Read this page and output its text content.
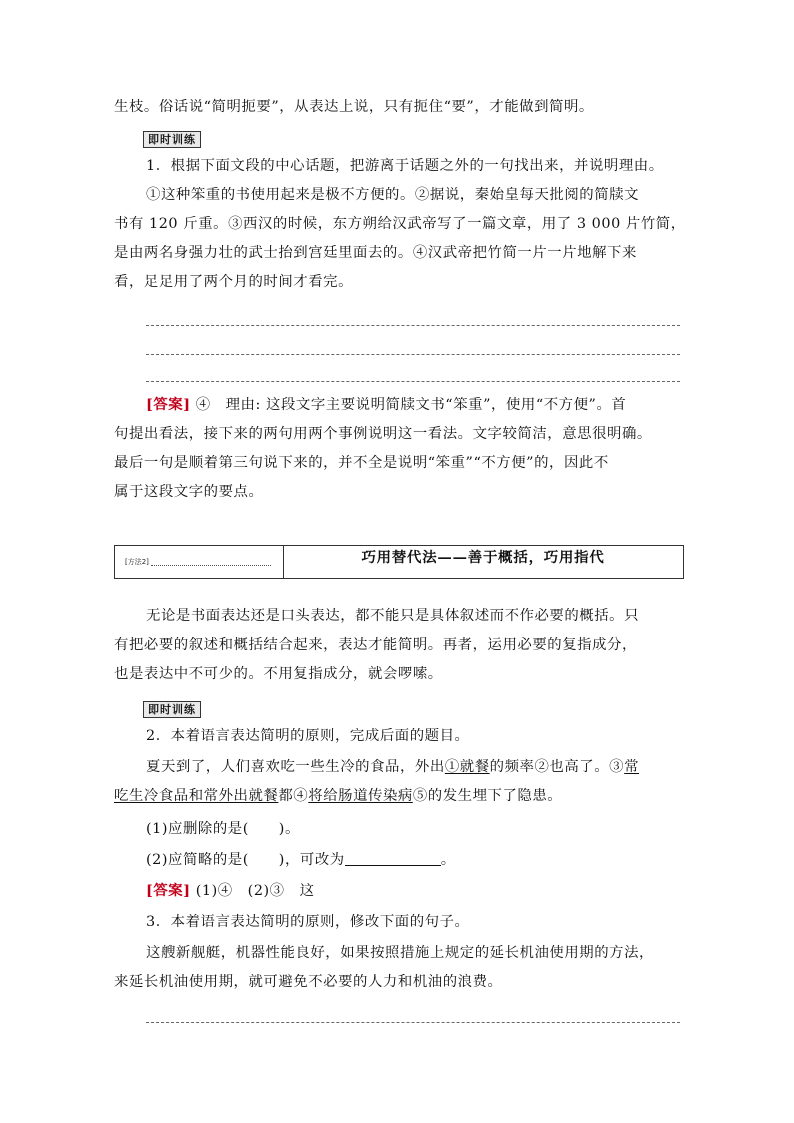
生枝。俗话说“简明扼要”，从表达上说，只有扼住“要”，才能做到简明。
即时训练
1．根据下面文段的中心话题，把游离于话题之外的一句找出来，并说明理由。
①这种笨重的书使用起来是极不方便的。②据说，秦始皇每天批阅的简牍文
书有 120 斤重。③西汉的时候，东方朔给汉武帝写了一篇文章，用了 3 000 片竹简，
是由两名身强力壮的武士抬到宫廷里面去的。④汉武帝把竹简一片一片地解下来
看，足足用了两个月的时间才看完。
[答案] ④　理由: 这段文字主要说明简牍文书“笨重”，使用“不方便”。首
句提出看法，接下来的两句用两个事例说明这一看法。文字较简洁，意思很明确。
最后一句是顺着第三句说下来的，并不全是说明“笨重”“不方便”的，因此不
属于这段文字的要点。
[方法2]	巧用替代法——善于概括，巧用指代
无论是书面表达还是口头表达，都不能只是具体叙述而不作必要的概括。只
有把必要的叙述和概括结合起来，表达才能简明。再者，运用必要的复指成分，
也是表达中不可少的。不用复指成分，就会啰嗦。
即时训练
2．本着语言表达简明的原则，完成后面的题目。
夏天到了，人们喜欢吃一些生冷的食品，外出①就餐的频率②也高了。③常
吃生冷食品和常外出就餐都④将给肠道传染病⑤的发生埋下了隐患。
(1)应删除的是(　　)。
(2)应简略的是(　　)，可改为	。
[答案] (1)④　(2)③　这
3．本着语言表达简明的原则，修改下面的句子。
这艘新舰艇，机器性能良好，如果按照措施上规定的延长机油使用期的方法，
来延长机油使用期，就可避免不必要的人力和机油的浪费。
